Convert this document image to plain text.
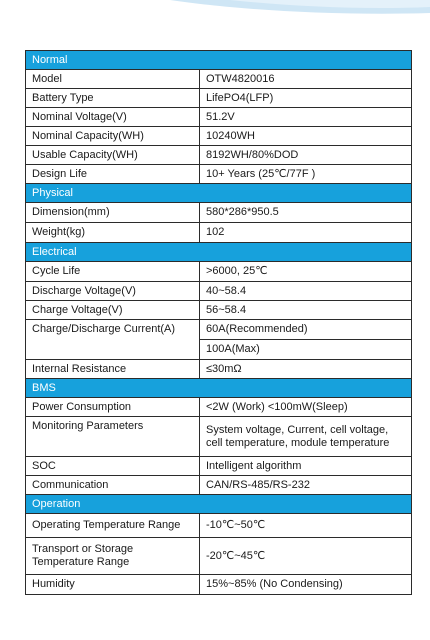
Normal	
Model	OTW4820016
Battery Type	LifePO4(LFP)
Nominal Voltage(V)	51.2V
Nominal Capacity(WH)	10240WH
Usable Capacity(WH)	8192WH/80%DOD
Design Life	10+ Years (25℃/77F )
Physical	
Dimension(mm)	580*286*950.5
Weight(kg)	102
Electrical	
Cycle Life	>6000, 25℃
Discharge Voltage(V)	40~58.4
Charge Voltage(V)	56~58.4
Charge/Discharge Current(A)	60A(Recommended)
	100A(Max)
Internal Resistance	≤30mΩ
BMS	
Power Consumption	<2W (Work) <100mW(Sleep)
Monitoring Parameters	System voltage, Current, cell voltage, cell temperature, module temperature
SOC	Intelligent algorithm
Communication	CAN/RS-485/RS-232
Operation	
Operating Temperature Range	-10℃~50℃
Transport or Storage Temperature Range	-20℃~45℃
Humidity	15%~85% (No Condensing)
